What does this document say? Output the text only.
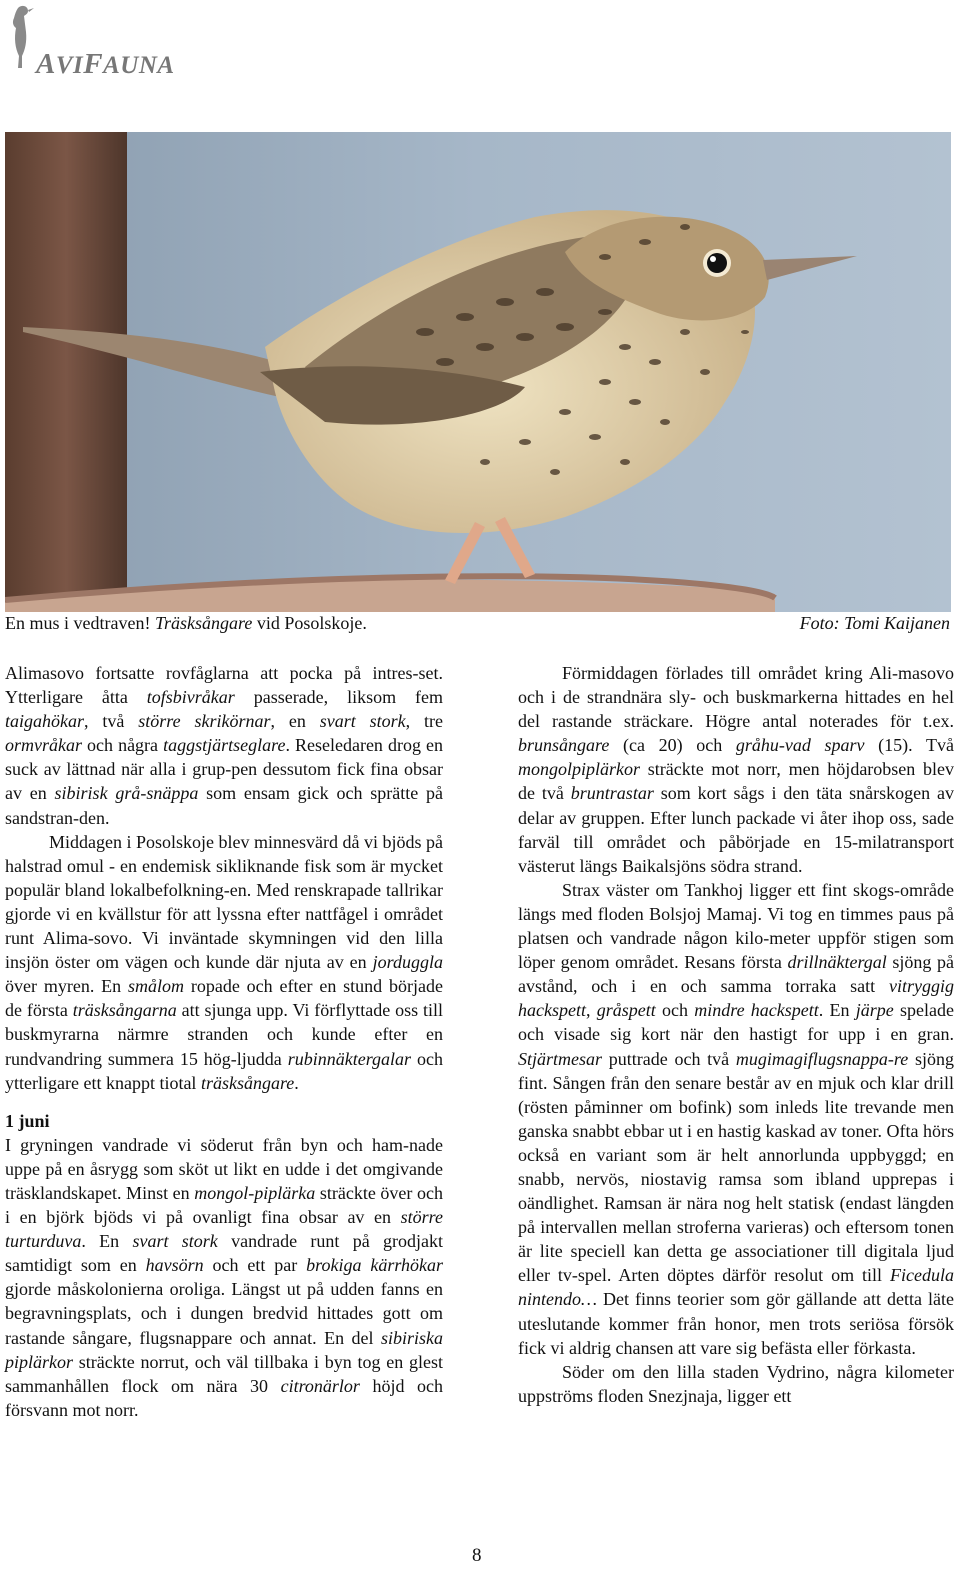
AVIFAUNA
En mus i vedtraven! Träsksångare vid Posolskoje.	Foto: Tomi Kaijanen

Alimasovo fortsatte rovfåglarna att pocka på intres-set. Ytterligare åtta tofsbivråkar passerade, liksom fem taigahökar, två större skrikörnar, en svart stork, tre ormvråkar och några taggstjärtseglare. Reseledaren drog en suck av lättnad när alla i grup-pen dessutom fick fina obsar av en sibirisk grå-snäppa som ensam gick och sprätte på sandstran-den.

Middagen i Posolskoje blev minnesvärd då vi bjöds på halstrad omul - en endemisk sikliknande fisk som är mycket populär bland lokalbefolkning-en. Med renskrapade tallrikar gjorde vi en kvällstur för att lyssna efter nattfågel i området runt Alima-sovo. Vi inväntade skymningen vid den lilla insjön öster om vägen och kunde där njuta av en jorduggla över myren. En smålom ropade och efter en stund började de första träsksångarna att sjunga upp. Vi förflyttade oss till buskmyrarna närmre stranden och kunde efter en rundvandring summera 15 hög-ljudda rubinnäktergalar och ytterligare ett knappt tiotal träsksångare.

1 juni

I gryningen vandrade vi söderut från byn och ham-nade uppe på en åsrygg som sköt ut likt en udde i det omgivande träsklandskapet. Minst en mongol-piplärka sträckte över och i en björk bjöds vi på ovanligt fina obsar av en större turturduva. En svart stork vandrade runt på grodjakt samtidigt som en havsörn och ett par brokiga kärrhökar gjorde måskolonierna oroliga. Längst ut på udden fanns en begravningsplats, och i dungen bredvid hittades gott om rastande sångare, flugsnappare och annat. En del sibiriska piplärkor sträckte norrut, och väl tillbaka i byn tog en glest sammanhållen flock om nära 30 citronärlor höjd och försvann mot norr.

Förmiddagen förlades till området kring Ali-masovo och i de strandnära sly- och buskmarkerna hittades en hel del rastande sträckare. Högre antal noterades för t.ex. brunsångare (ca 20) och gråhu-vad sparv (15). Två mongolpiplärkor sträckte mot norr, men höjdarobsen blev de två bruntrastar som kort sågs i den täta snårskogen av delar av gruppen. Efter lunch packade vi åter ihop oss, sade farväl till området och påbörjade en 15-milatransport västerut längs Baikalsjöns södra strand.

Strax väster om Tankhoj ligger ett fint skogs-område längs med floden Bolsjoj Mamaj. Vi tog en timmes paus på platsen och vandrade någon kilo-meter uppför stigen som löper genom området. Resans första drillnäktergal sjöng på avstånd, och i en och samma torraka satt vitryggig hackspett, gråspett och mindre hackspett. En järpe spelade och visade sig kort när den hastigt for upp i en gran. Stjärtmesar puttrade och två mugimagiflugsnappa-re sjöng fint. Sången från den senare består av en mjuk och klar drill (rösten påminner om bofink) som inleds lite trevande men ganska snabbt ebbar ut i en hastig kaskad av toner. Ofta hörs också en variant som är helt annorlunda uppbyggd; en snabb, nervös, niostavig ramsa som ibland upprepas i oändlighet. Ramsan är nära nog helt statisk (endast längden på intervallen mellan stroferna varieras) och eftersom tonen är lite speciell kan detta ge associationer till digitala ljud eller tv-spel. Arten döptes därför resolut om till Ficedula nintendo… Det finns teorier som gör gällande att detta läte uteslutande kommer från honor, men trots seriösa försök fick vi aldrig chansen att vare sig befästa eller förkasta.

Söder om den lilla staden Vydrino, några kilometer uppströms floden Snezjnaja, ligger ett

8
